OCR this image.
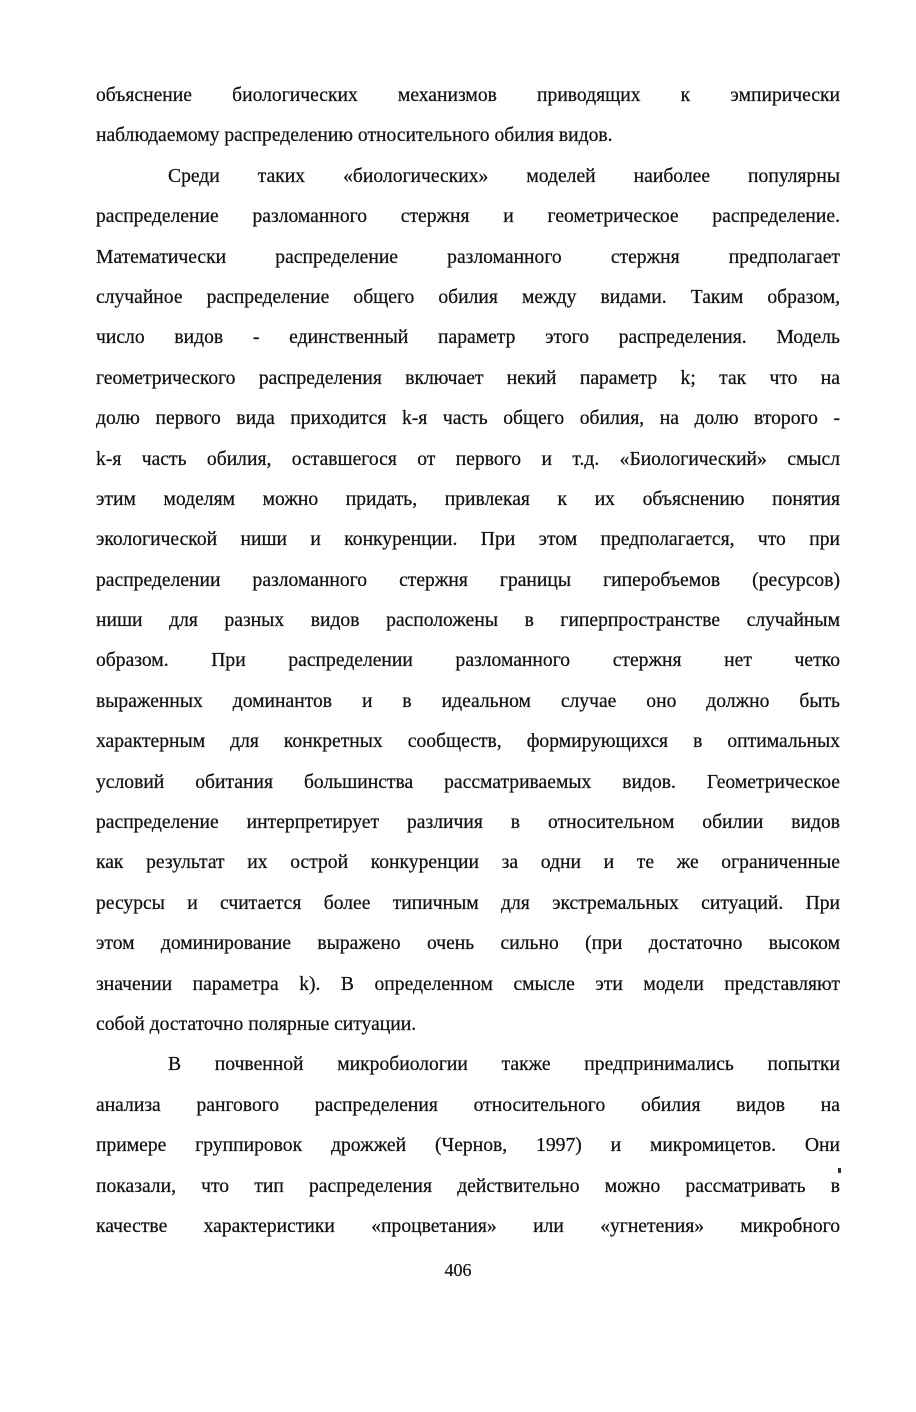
объяснение биологических механизмов приводящих к эмпирически
наблюдаемому распределению относительного обилия видов.
Среди таких «биологических» моделей наиболее популярны
распределение разломанного стержня и геометрическое распределение.
Математически распределение разломанного стержня предполагает
случайное распределение общего обилия между видами. Таким образом,
число видов - единственный параметр этого распределения. Модель
геометрического распределения включает некий параметр k; так что на
долю первого вида приходится k-я часть общего обилия, на долю второго -
k-я часть обилия, оставшегося от первого и т.д. «Биологический» смысл
этим моделям можно придать, привлекая к их объяснению понятия
экологической ниши и конкуренции. При этом предполагается, что при
распределении разломанного стержня границы гиперобъемов (ресурсов)
ниши для разных видов расположены в гиперпространстве случайным
образом. При распределении разломанного стержня нет четко
выраженных доминантов и в идеальном случае оно должно быть
характерным для конкретных сообществ, формирующихся в оптимальных
условий обитания большинства рассматриваемых видов. Геометрическое
распределение интерпретирует различия в относительном обилии видов
как результат их острой конкуренции за одни и те же ограниченные
ресурсы и считается более типичным для экстремальных ситуаций. При
этом доминирование выражено очень сильно (при достаточно высоком
значении параметра k). В определенном смысле эти модели представляют
собой достаточно полярные ситуации.
В почвенной микробиологии также предпринимались попытки
анализа рангового распределения относительного обилия видов на
примере группировок дрожжей (Чернов, 1997) и микромицетов. Они
показали, что тип распределения действительно можно рассматривать в
качестве характеристики «процветания» или «угнетения» микробного
406
